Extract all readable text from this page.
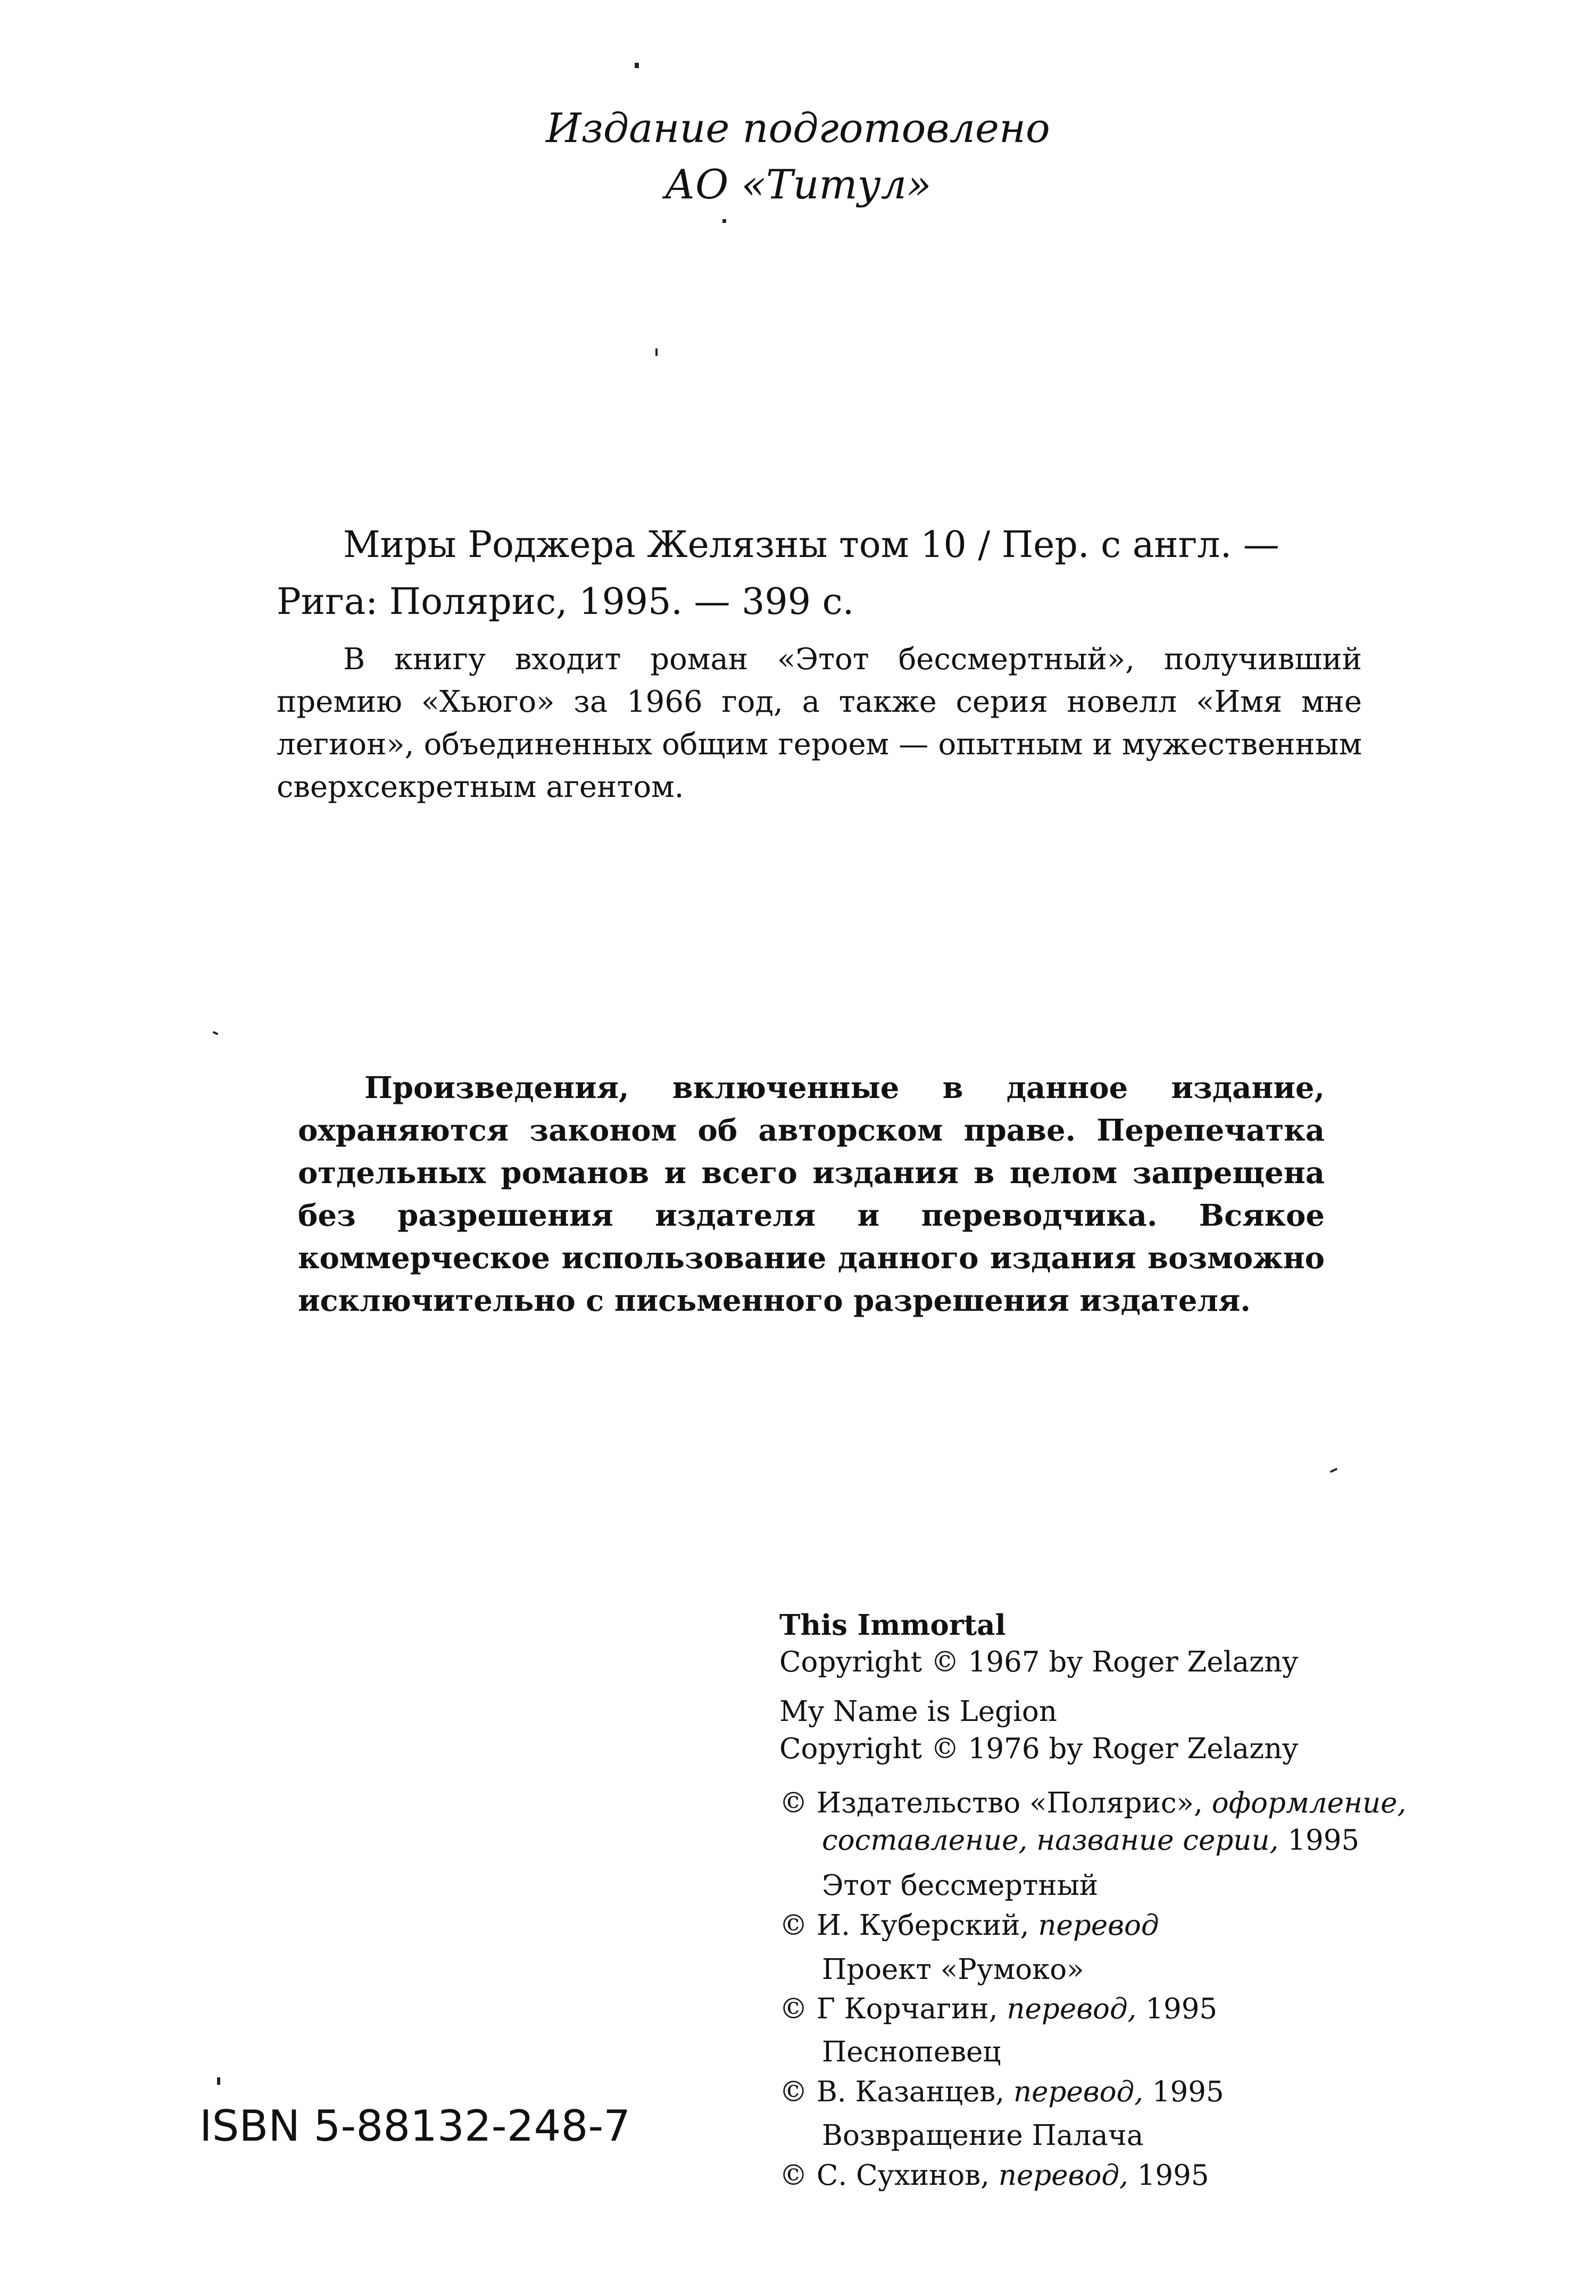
Издание подготовлено
АО «Титул»
Миры Роджера Желязны том 10 / Пер. с англ. —
Рига: Полярис, 1995. — 399 с.

В книгу входит роман «Этот бессмертный», получивший премию «Хьюго» за 1966 год, а также серия новелл «Имя мне легион», объединенных общим героем — опытным и мужественным сверхсекретным агентом.

Произведения, включенные в данное издание, охраняются законом об авторском праве. Перепечатка отдельных романов и всего издания в целом запрещена без разрешения издателя и переводчика. Всякое коммерческое использование данного издания возможно исключительно с письменного разрешения издателя.

This Immortal
Copyright © 1967 by Roger Zelazny
My Name is Legion
Copyright © 1976 by Roger Zelazny
© Издательство «Полярис», оформление,
составление, название серии, 1995
Этот бессмертный
© И. Куберский, перевод
Проект «Румоко»
© Г Корчагин, перевод, 1995
Песнопевец
© В. Казанцев, перевод, 1995
Возвращение Палача
© С. Сухинов, перевод, 1995
ISBN 5-88132-248-7
